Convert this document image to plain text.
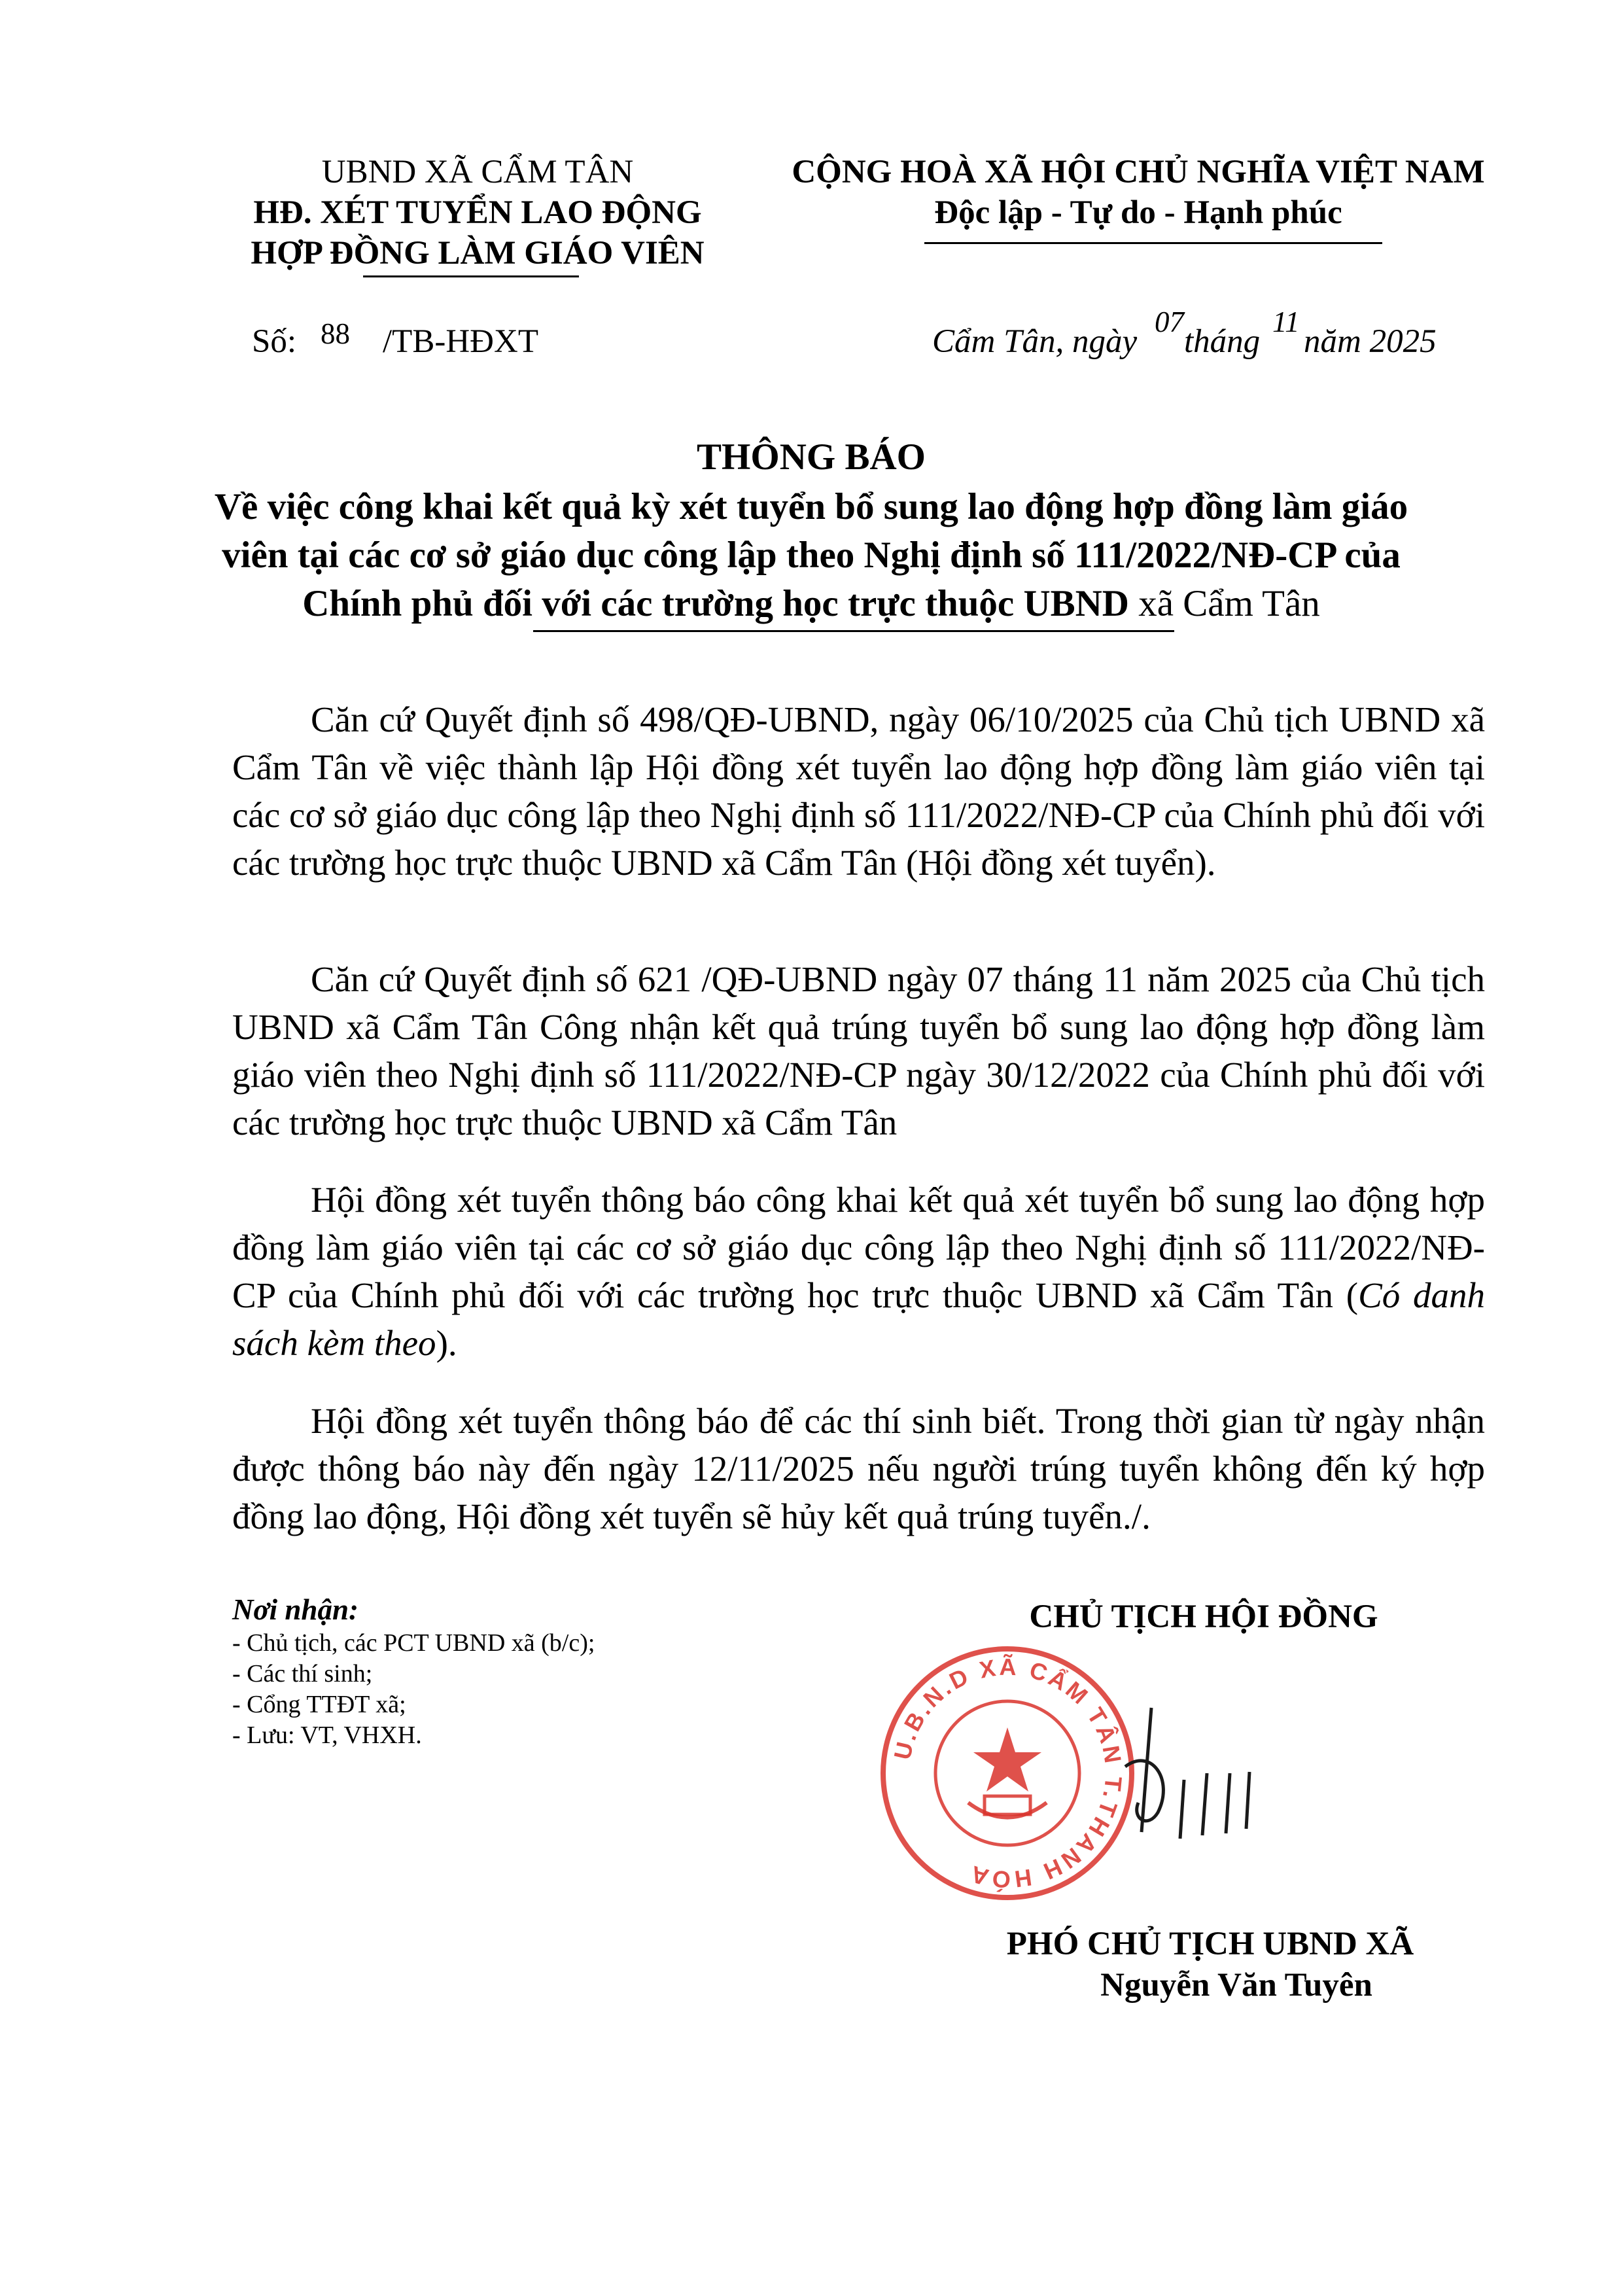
UBND XÃ CẨM TÂN
HĐ. XÉT TUYỂN LAO ĐỘNG
HỢP ĐỒNG LÀM GIÁO VIÊN
CỘNG HOÀ XÃ HỘI CHỦ NGHĨA VIỆT NAM
Độc lập - Tự do - Hạnh phúc
Số: 88 /TB-HĐXT	Cẩm Tân, ngày
07
tháng
11
năm 2025
THÔNG BÁO
Về việc công khai kết quả kỳ xét tuyển bổ sung lao động hợp đồng làm giáo
viên tại các cơ sở giáo dục công lập theo Nghị định số 111/2022/NĐ-CP của
Chính phủ đối với các trường học trực thuộc UBND xã Cẩm Tân

Căn cứ Quyết định số 498/QĐ-UBND, ngày 06/10/2025 của Chủ tịch UBND xã Cẩm Tân về việc thành lập Hội đồng xét tuyển lao động hợp đồng làm giáo viên tại các cơ sở giáo dục công lập theo Nghị định số 111/2022/NĐ-CP của Chính phủ đối với các trường học trực thuộc UBND xã Cẩm Tân (Hội đồng xét tuyển).

Căn cứ Quyết định số 621 /QĐ-UBND ngày 07 tháng 11 năm 2025 của Chủ tịch UBND xã Cẩm Tân Công nhận kết quả trúng tuyển bổ sung lao động hợp đồng làm giáo viên theo Nghị định số 111/2022/NĐ-CP ngày 30/12/2022 của Chính phủ đối với các trường học trực thuộc UBND xã Cẩm Tân

Hội đồng xét tuyển thông báo công khai kết quả xét tuyển bổ sung lao động hợp đồng làm giáo viên tại các cơ sở giáo dục công lập theo Nghị định số 111/2022/NĐ-CP của Chính phủ đối với các trường học trực thuộc UBND xã Cẩm Tân (Có danh sách kèm theo).

Hội đồng xét tuyển thông báo để các thí sinh biết. Trong thời gian từ ngày nhận được thông báo này đến ngày 12/11/2025 nếu người trúng tuyển không đến ký hợp đồng lao động, Hội đồng xét tuyển sẽ hủy kết quả trúng tuyển./.

Nơi nhận:
- Chủ tịch, các PCT UBND xã (b/c);
- Các thí sinh;
- Cổng TTĐT xã;
- Lưu: VT, VHXH.
CHỦ TỊCH HỘI ĐỒNG
U.B.N.D XÃ CẨM TÂN T.THANH HÓA
PHÓ CHỦ TỊCH UBND XÃ
Nguyễn Văn Tuyên
